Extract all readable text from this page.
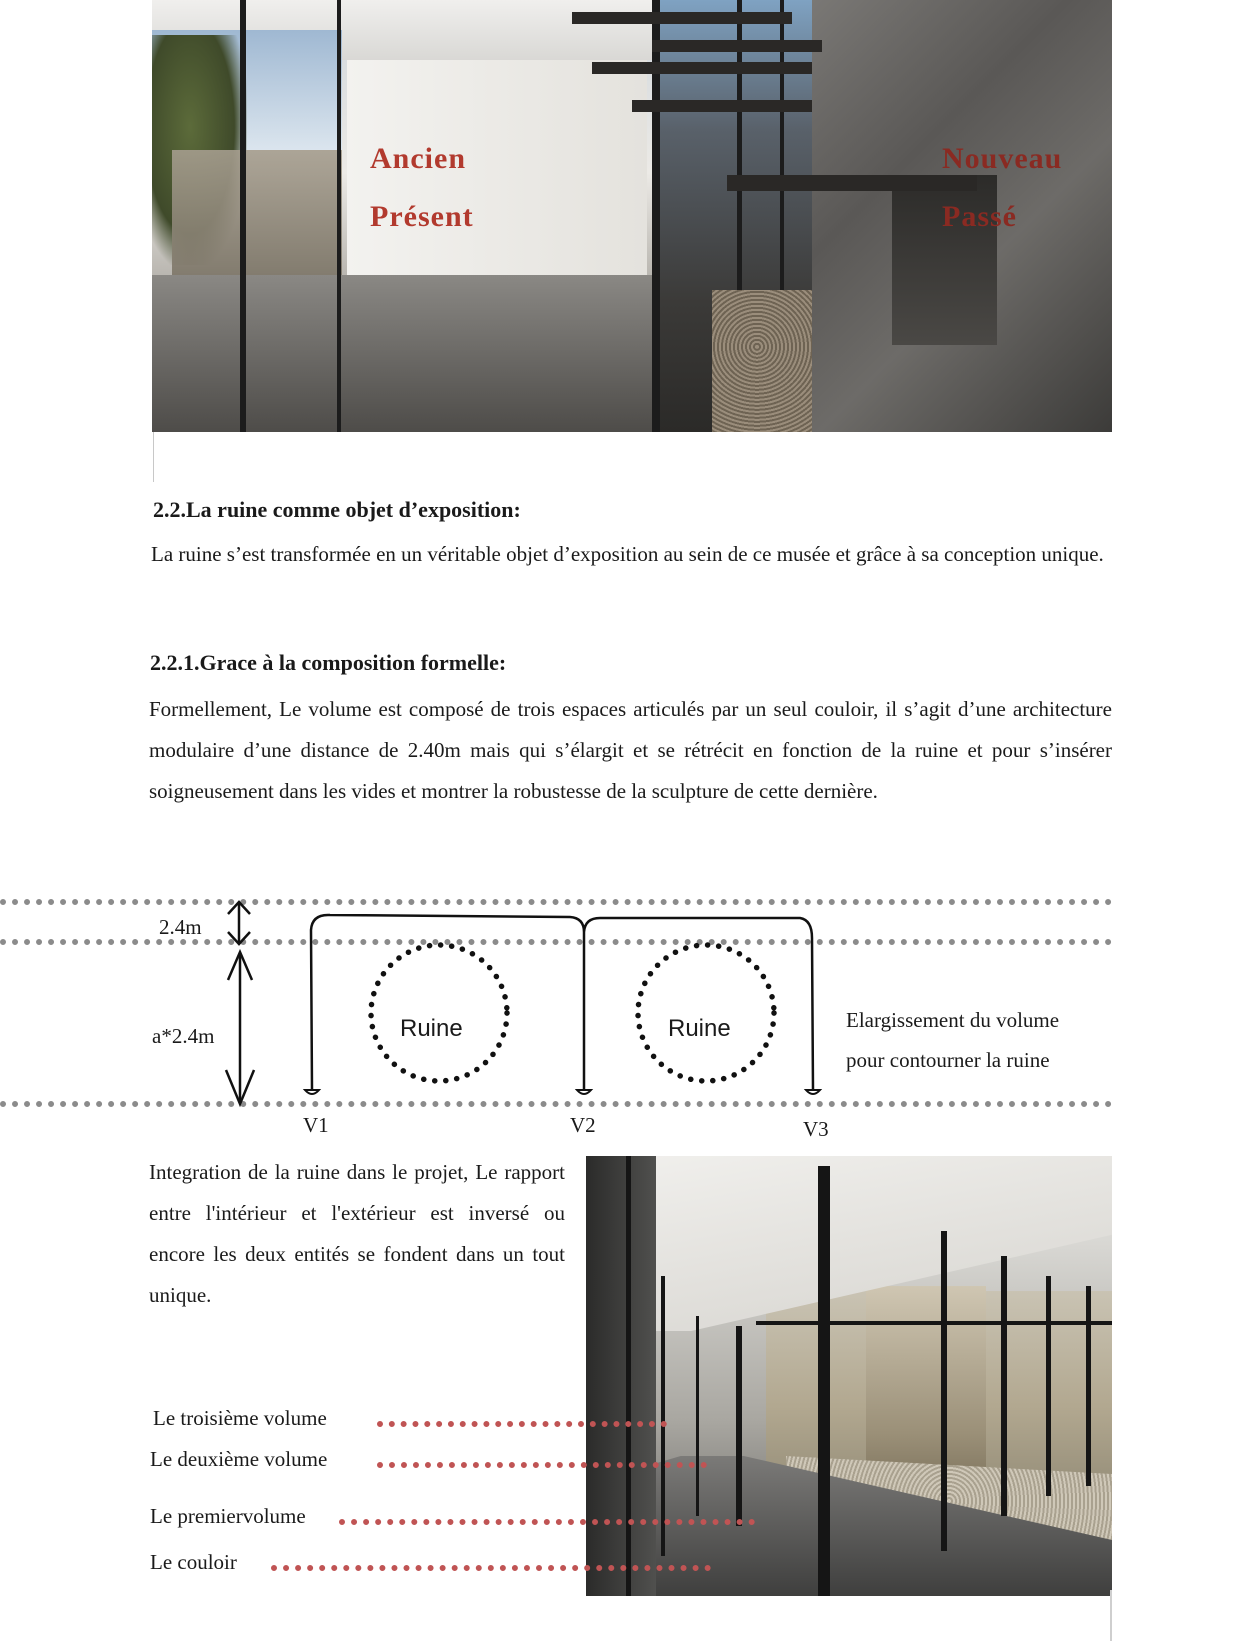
Ancien
Présent
Nouveau
Passé
2.2.La ruine comme objet d’exposition:
La ruine s’est transformée en un véritable objet d’exposition au sein de ce musée et grâce à sa conception unique.
2.2.1.Grace à la composition formelle:
Formellement, Le volume est composé de trois espaces articulés par un seul couloir, il s’agit d’une architecture modulaire d’une distance de 2.40m mais qui s’élargit et se rétrécit en fonction de la ruine et pour s’insérer soigneusement dans les vides et montrer la robustesse de la sculpture de cette dernière.
2.4m
a*2.4m	Ruine	Ruine
V1	V2	V3
Elargissement du volume
pour contourner la ruine
Integration de la ruine dans le projet, Le rapport entre l'intérieur et l'extérieur est inversé ou encore les deux entités se fondent dans un tout unique.
Le troisième volume
Le deuxième volume
Le premiervolume
Le couloir
